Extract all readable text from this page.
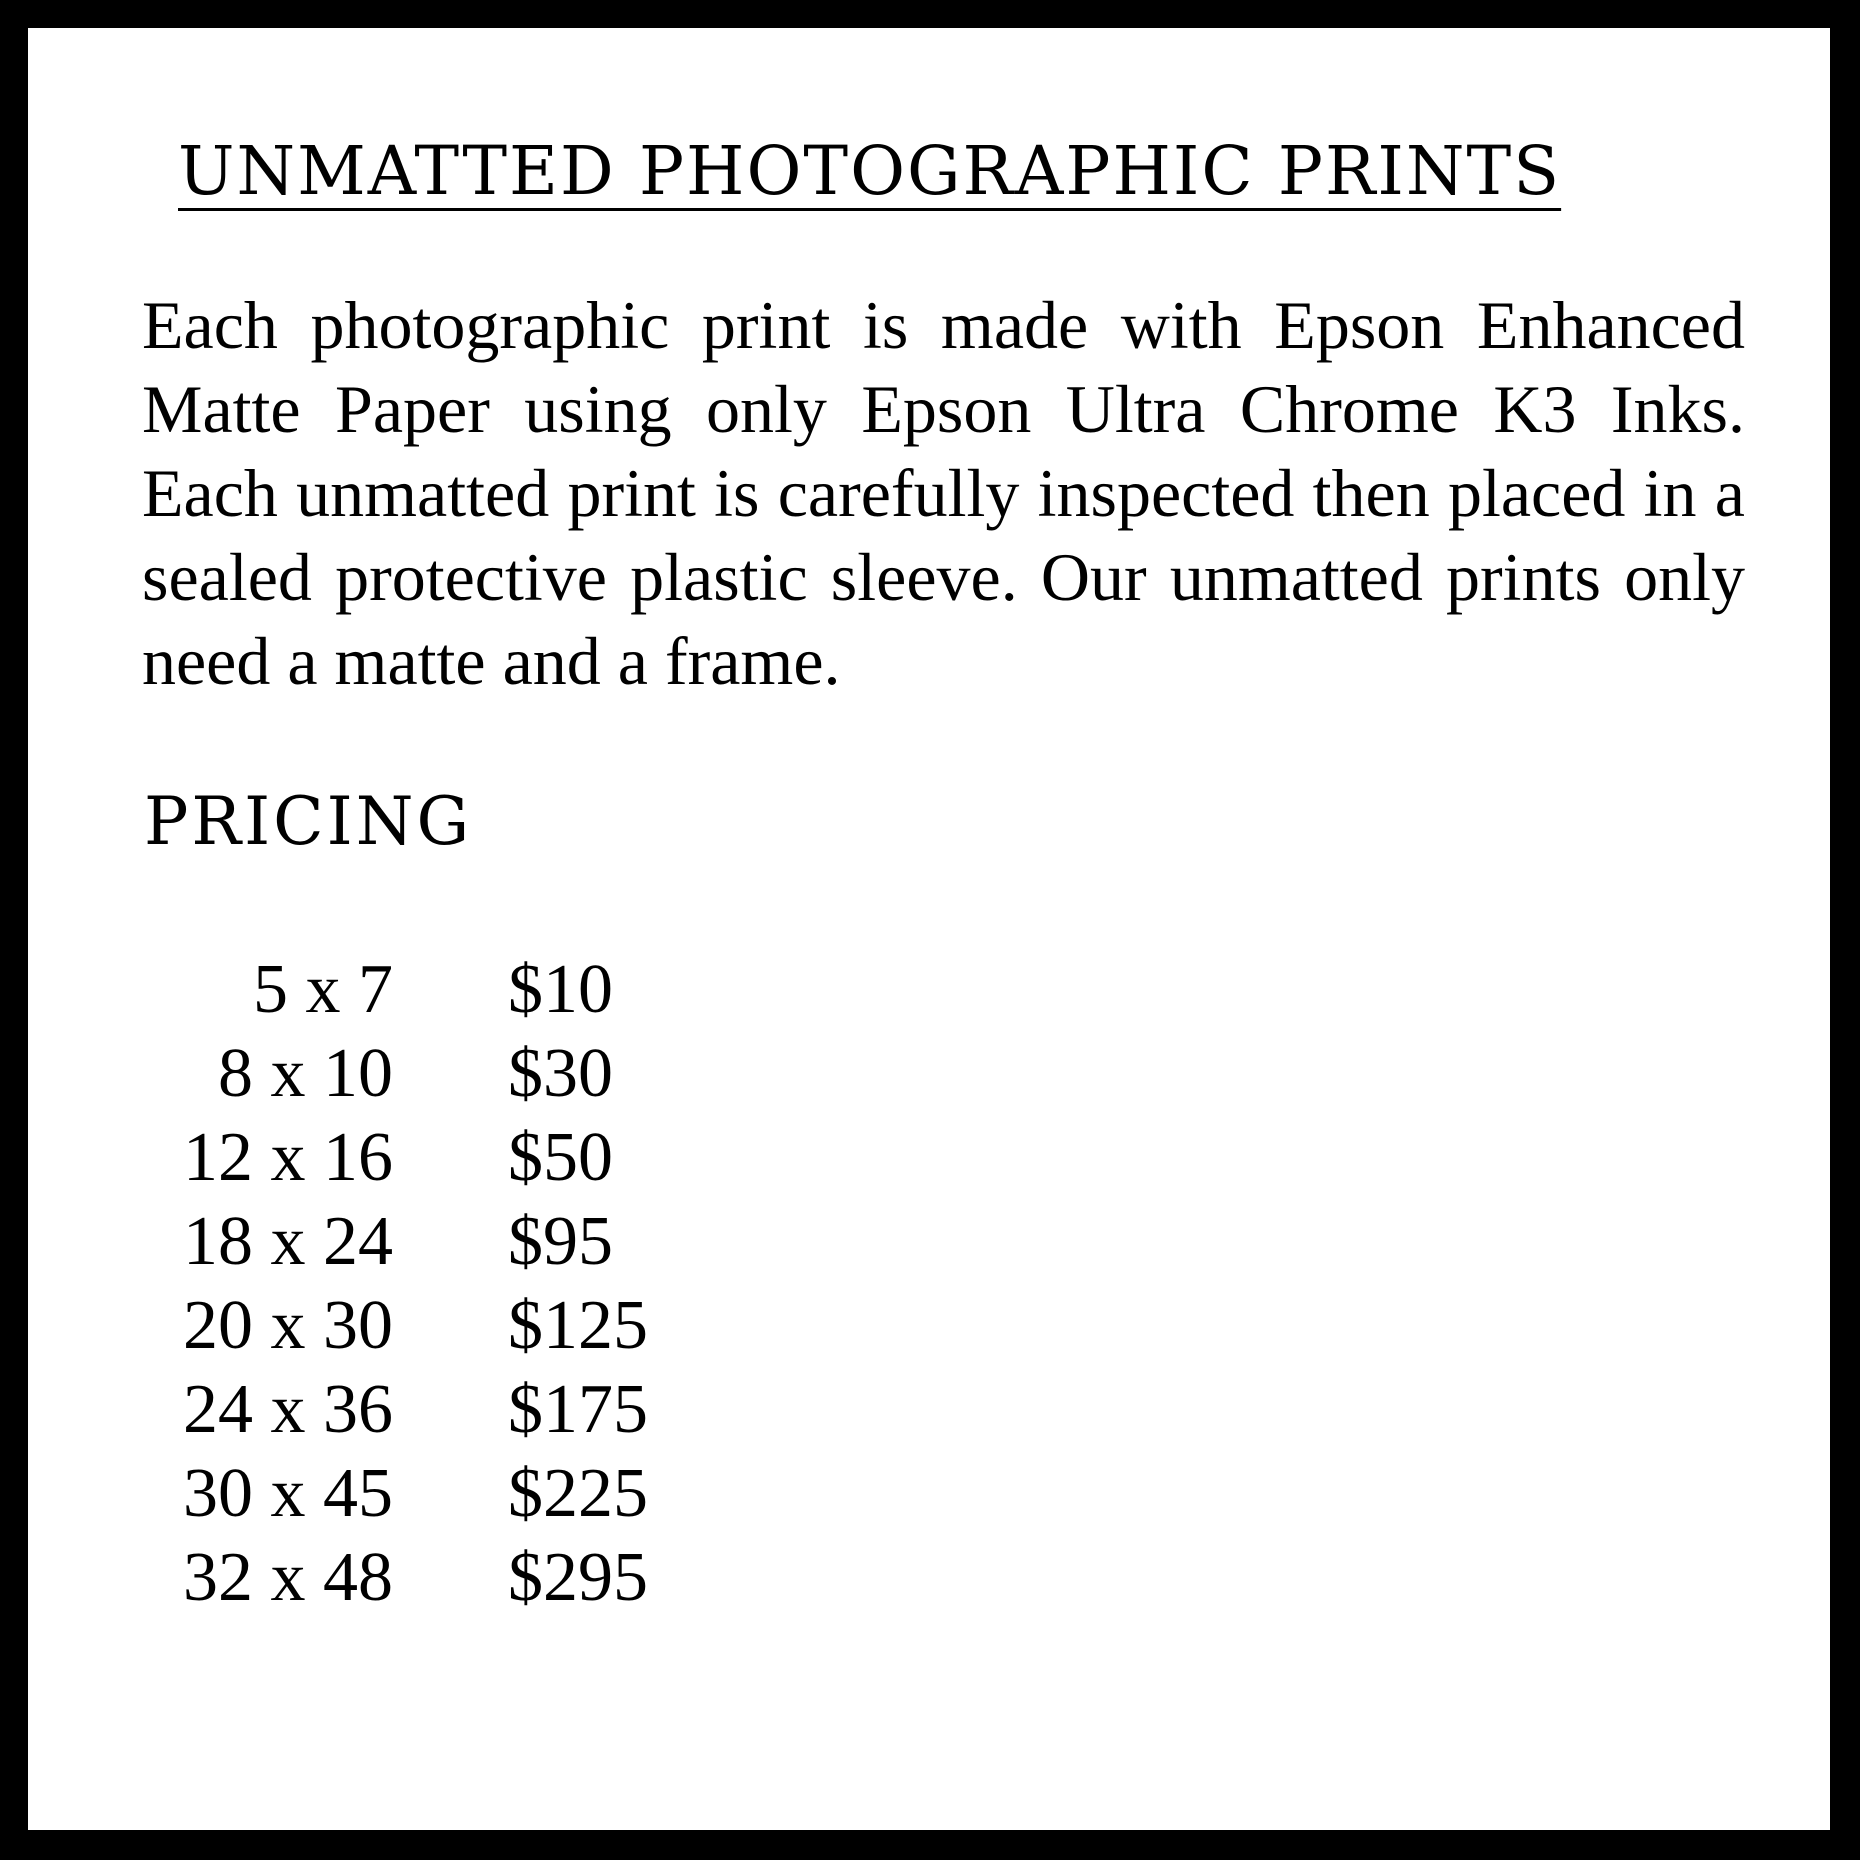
UNMATTED PHOTOGRAPHIC PRINTS

Each photographic print is made with Epson Enhanced Matte Paper using only Epson Ultra Chrome K3 Inks. Each unmatted print is carefully inspected then placed in a sealed protective plastic sleeve. Our unmatted prints only need a matte and a frame.

PRICING
5 x 7		$10
8 x 10		$30
12 x 16		$50
18 x 24		$95
20 x 30		$125
24 x 36		$175
30 x 45		$225
32 x 48		$295
